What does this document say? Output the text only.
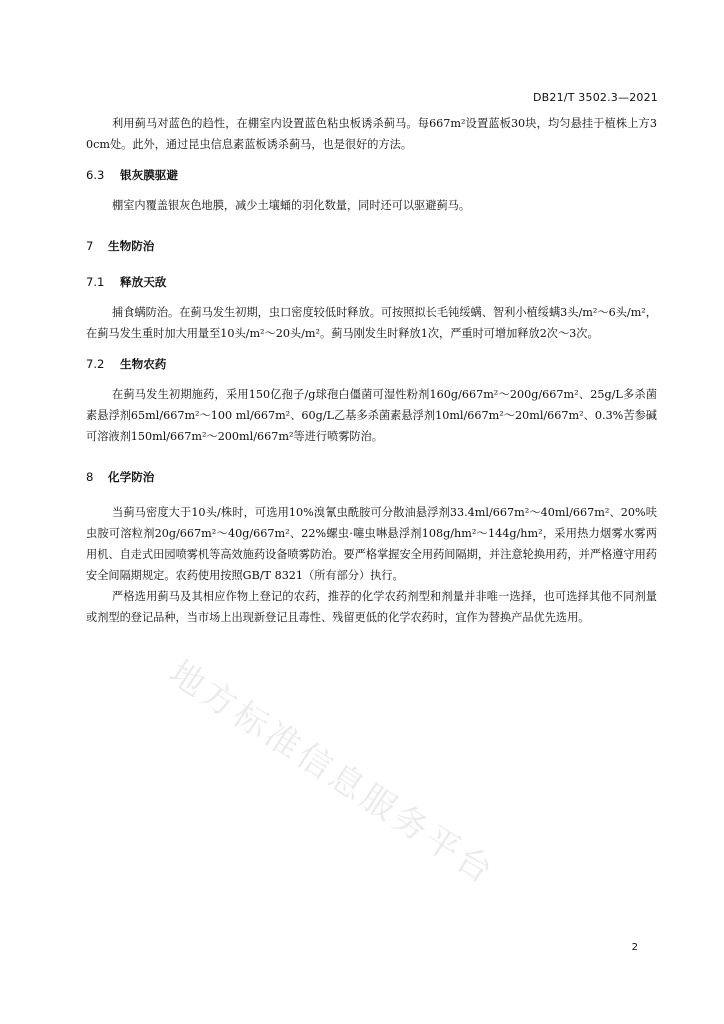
DB21/T 3502.3—2021

利用蓟马对蓝色的趋性，在棚室内设置蓝色粘虫板诱杀蓟马。每667m²设置蓝板30块，均匀悬挂于植株上方30cm处。此外，通过昆虫信息素蓝板诱杀蓟马，也是很好的方法。

6.3 银灰膜驱避

棚室内覆盖银灰色地膜，减少土壤蛹的羽化数量，同时还可以驱避蓟马。

7 生物防治
7.1 释放天敌

捕食螨防治。在蓟马发生初期，虫口密度较低时释放。可按照拟长毛钝绥螨、智利小植绥螨3头/m²～6头/m²，在蓟马发生重时加大用量至10头/m²～20头/m²。蓟马刚发生时释放1次，严重时可增加释放2次～3次。

7.2 生物农药

在蓟马发生初期施药，采用150亿孢子/g球孢白僵菌可湿性粉剂160g/667m²～200g/667m²、25g/L多杀菌素悬浮剂65ml/667m²～100 ml/667m²、60g/L乙基多杀菌素悬浮剂10ml/667m²～20ml/667m²、0.3%苦参碱可溶液剂150ml/667m²～200ml/667m²等进行喷雾防治。

8 化学防治

当蓟马密度大于10头/株时，可选用10%溴氰虫酰胺可分散油悬浮剂33.4ml/667m²～40ml/667m²、20%呋虫胺可溶粒剂20g/667m²～40g/667m²、22%螺虫·噻虫啉悬浮剂108g/hm²～144g/hm²，采用热力烟雾水雾两用机、自走式田园喷雾机等高效施药设备喷雾防治。要严格掌握安全用药间隔期，并注意轮换用药，并严格遵守用药安全间隔期规定。农药使用按照GB/T 8321（所有部分）执行。

严格选用蓟马及其相应作物上登记的农药，推荐的化学农药剂型和剂量并非唯一选择，也可选择其他不同剂量或剂型的登记品种，当市场上出现新登记且毒性、残留更低的化学农药时，宜作为替换产品优先选用。

地方标准信息服务平台
2
